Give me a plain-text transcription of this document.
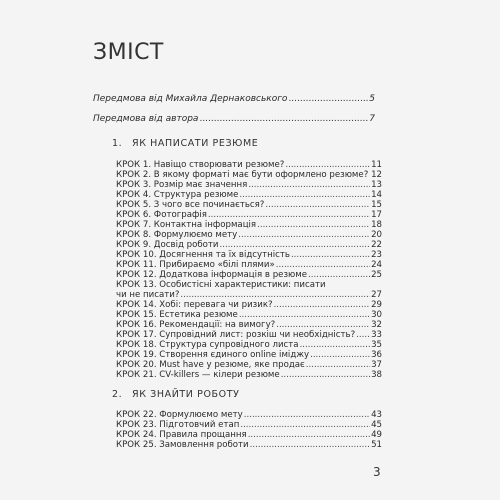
ЗМІСТ
Передмова від Михайла Дернаковського .....	5
Передмова від автора .....	7
1. ЯК НАПИСАТИ РЕЗЮМЕ
КРОК 1. Навіщо створювати резюме? .....	11
КРОК 2. В якому форматі має бути оформлено резюме? ..... 12
КРОК 3. Розмір має значення .....	13
КРОК 4. Структура резюме .....	14
КРОК 5. З чого все починається? .....	15
КРОК 6. Фотографія .....	17
КРОК 7. Контактна інформація .....	18
КРОК 8. Формулюємо мету .....	20
КРОК 9. Досвід роботи .....	22
КРОК 10. Досягнення та їх відсутність .....	23
КРОК 11. Прибираємо «білі плями» .....	24
КРОК 12. Додаткова інформація в резюме .....	25
КРОК 13. Особистісні характеристики: писати
чи не писати? .....	27
КРОК 14. Хобі: перевага чи ризик? .....	29
КРОК 15. Естетика резюме .....	30
КРОК 16. Рекомендації: на вимогу? .....	32
КРОК 17. Супровідний лист: розкіш чи необхідність? ..... 33
КРОК 18. Структура супровідного листа .....	35
КРОК 19. Створення єдиного online іміджу .....	36
КРОК 20. Must have у резюме, яке продає .....	37
КРОК 21. CV-killers — кілери резюме .....	38
2. ЯК ЗНАЙТИ РОБОТУ
КРОК 22. Формулюємо мету .....	43
КРОК 23. Підготовчий етап .....	45
КРОК 24. Правила прощання .....	49
КРОК 25. Замовлення роботи .....	51
3
